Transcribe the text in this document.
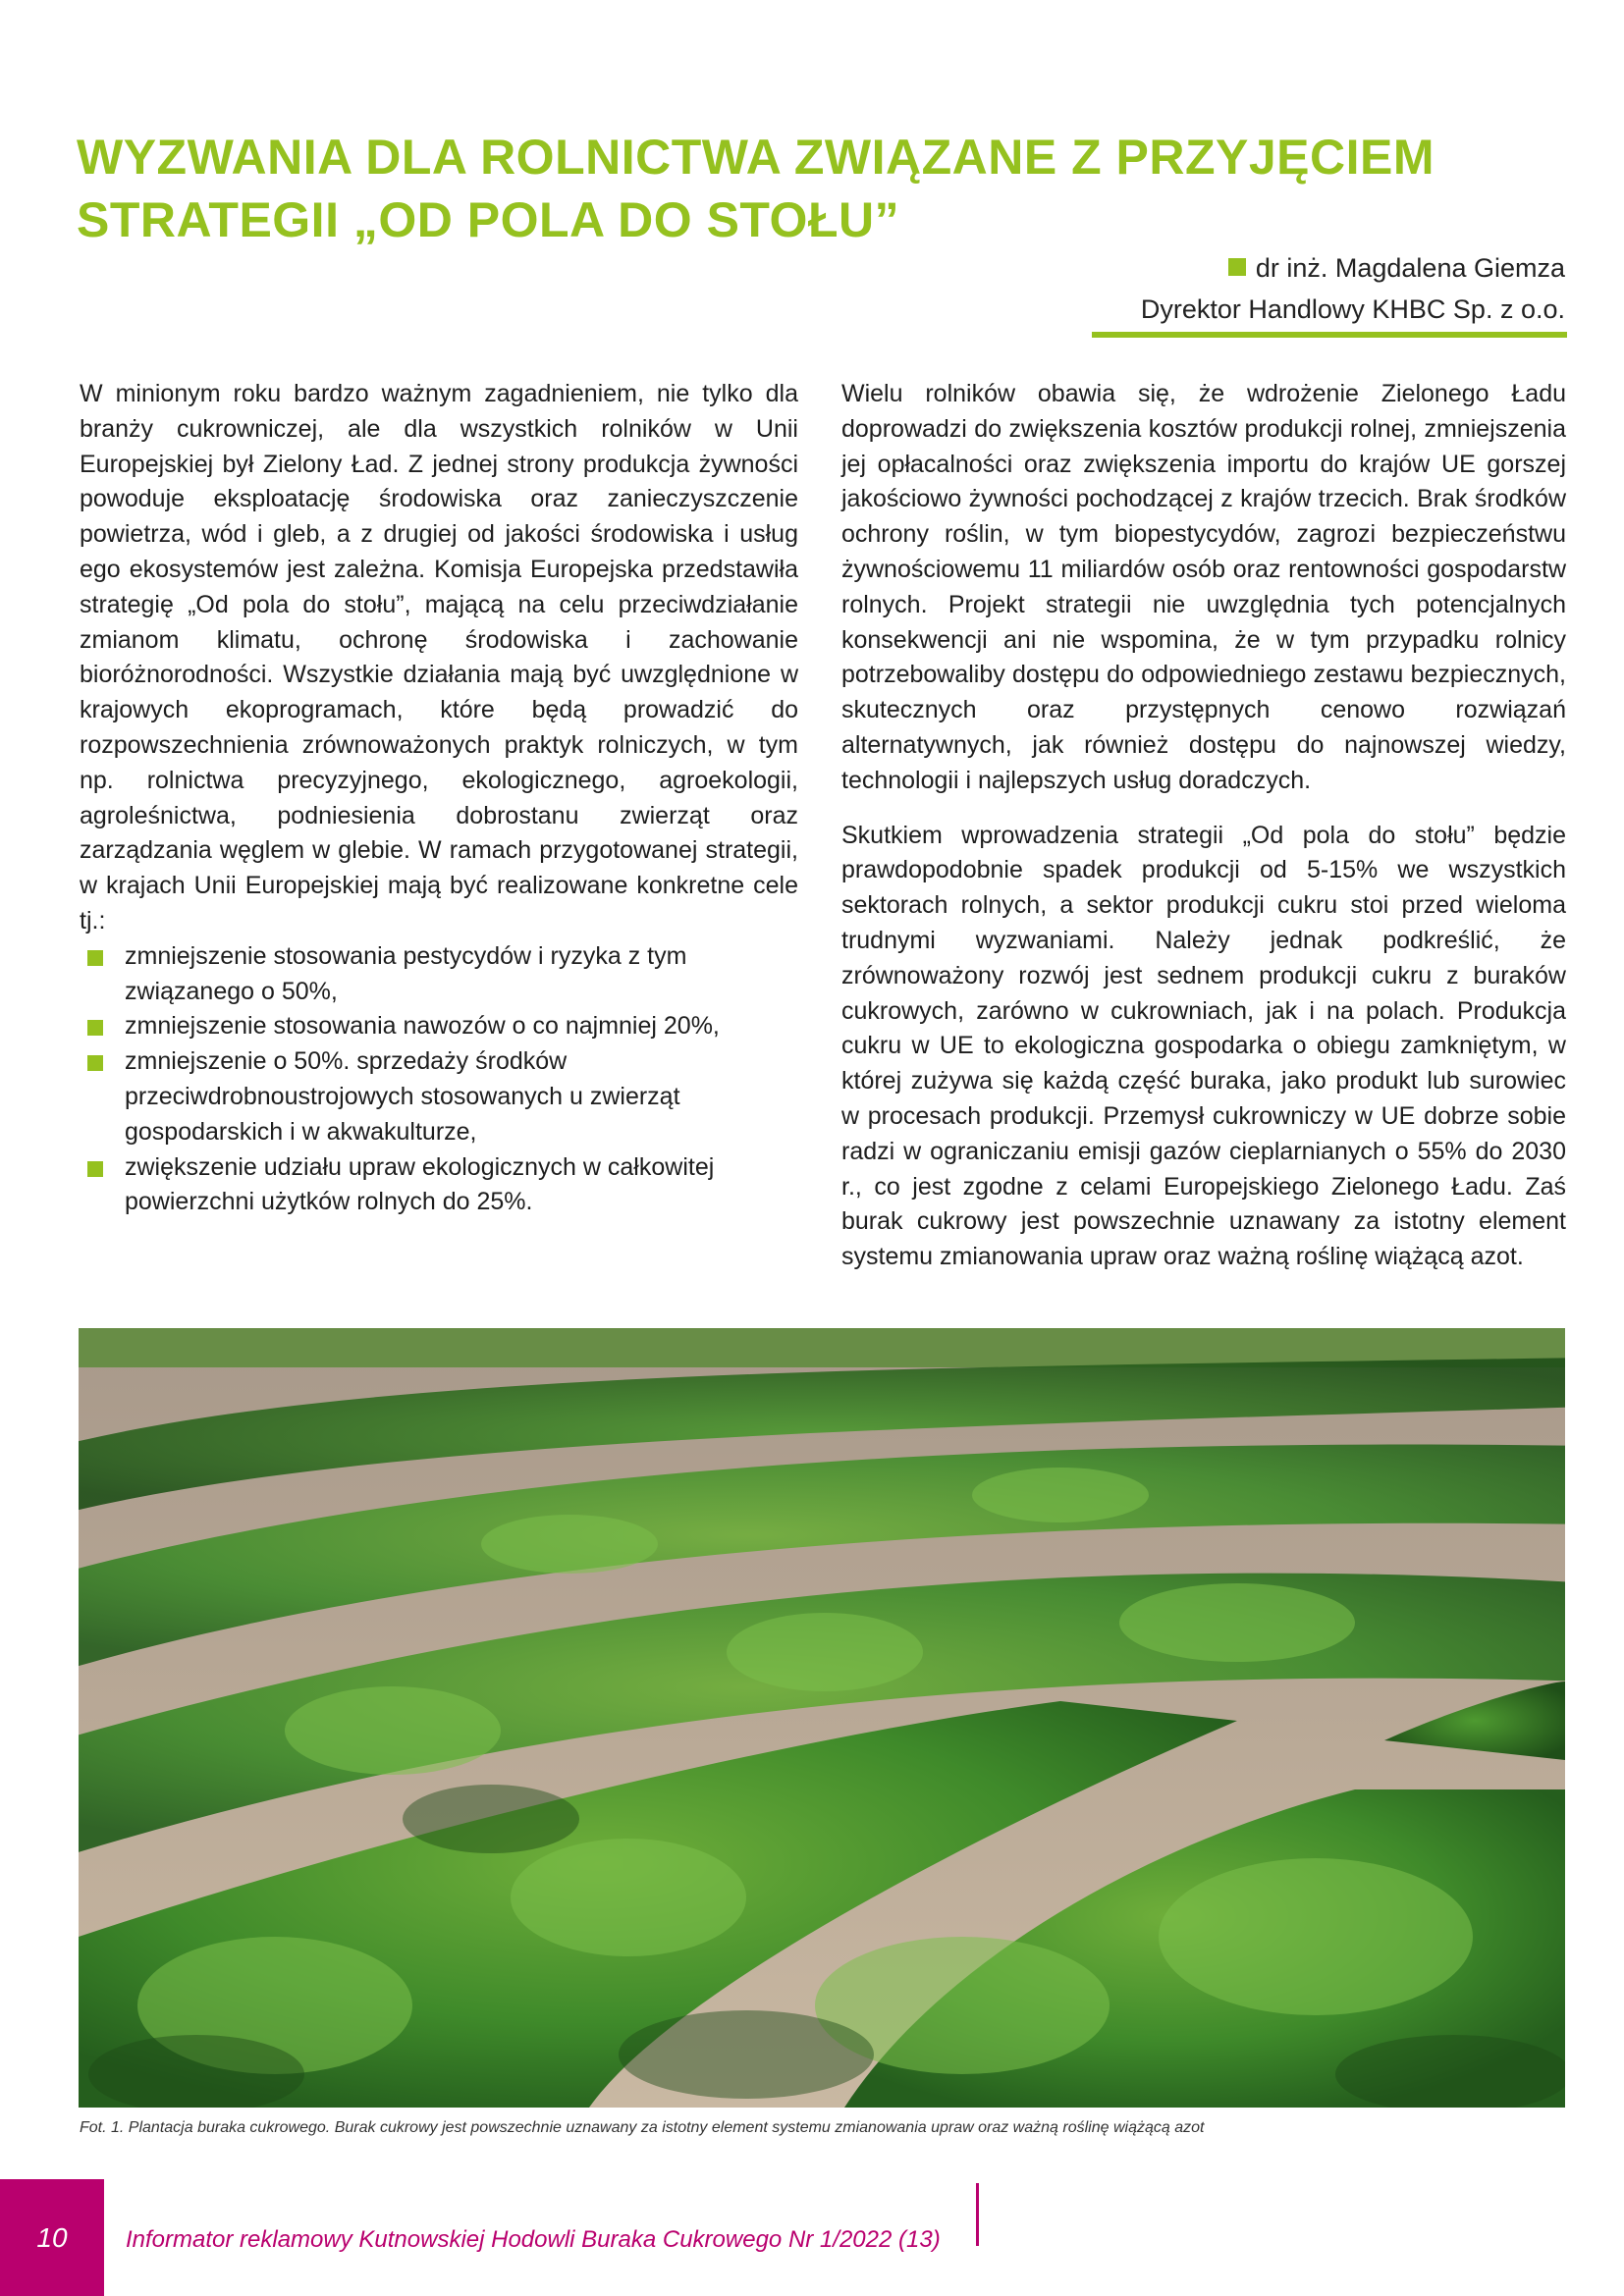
WYZWANIA DLA ROLNICTWA ZWIĄZANE Z PRZYJĘCIEM
STRATEGII „OD POLA DO STOŁU”
dr inż. Magdalena Giemza
Dyrektor Handlowy KHBC Sp. z o.o.

W minionym roku bardzo ważnym zagadnieniem, nie tylko dla branży cukrowniczej, ale dla wszystkich rolników w Unii Europejskiej był Zielony Ład. Z jednej strony produkcja żywności powoduje eksploatację środowiska oraz zanieczyszczenie powietrza, wód i gleb, a z drugiej od jakości środowiska i usług ego ekosystemów jest zależna. Komisja Europejska przedstawiła strategię „Od pola do stołu”, mającą na celu przeciwdziałanie zmianom klimatu, ochronę środowiska i zachowanie bioróżnorodności. Wszystkie działania mają być uwzględnione w krajowych ekoprogramach, które będą prowadzić do rozpowszechnienia zrównoważonych praktyk rolniczych, w tym np. rolnictwa precyzyjnego, ekologicznego, agroekologii, agroleśnictwa, podniesienia dobrostanu zwierząt oraz zarządzania węglem w glebie. W ramach przygotowanej strategii, w krajach Unii Europejskiej mają być realizowane konkretne cele tj.:

zmniejszenie stosowania pestycydów i ryzyka z tym związanego o 50%,
zmniejszenie stosowania nawozów o co najmniej 20%,
zmniejszenie o 50%. sprzedaży środków przeciwdrobnoustrojowych stosowanych u zwierząt gospodarskich i w akwakulturze,
zwiększenie udziału upraw ekologicznych w całkowitej powierzchni użytków rolnych do 25%.

Wielu rolników obawia się, że wdrożenie Zielonego Ładu doprowadzi do zwiększenia kosztów produkcji rolnej, zmniejszenia jej opłacalności oraz zwiększenia importu do krajów UE gorszej jakościowo żywności pochodzącej z krajów trzecich. Brak środków ochrony roślin, w tym biopestycydów, zagrozi bezpieczeństwu żywnościowemu 11 miliardów osób oraz rentowności gospodarstw rolnych. Projekt strategii nie uwzględnia tych potencjalnych konsekwencji ani nie wspomina, że w tym przypadku rolnicy potrzebowaliby dostępu do odpowiedniego zestawu bezpiecznych, skutecznych oraz przystępnych cenowo rozwiązań alternatywnych, jak również dostępu do najnowszej wiedzy, technologii i najlepszych usług doradczych.

Skutkiem wprowadzenia strategii „Od pola do stołu” będzie prawdopodobnie spadek produkcji od 5-15% we wszystkich sektorach rolnych, a sektor produkcji cukru stoi przed wieloma trudnymi wyzwaniami. Należy jednak podkreślić, że zrównoważony rozwój jest sednem produkcji cukru z buraków cukrowych, zarówno w cukrowniach, jak i na polach. Produkcja cukru w UE to ekologiczna gospodarka o obiegu zamkniętym, w której zużywa się każdą część buraka, jako produkt lub surowiec w procesach produkcji. Przemysł cukrowniczy w UE dobrze sobie radzi w ograniczaniu emisji gazów cieplarnianych o 55% do 2030 r., co jest zgodne z celami Europejskiego Zielonego Ładu. Zaś burak cukrowy jest powszechnie uznawany za istotny element systemu zmianowania upraw oraz ważną roślinę wiążącą azot.

Fot. 1. Plantacja buraka cukrowego. Burak cukrowy jest powszechnie uznawany za istotny element systemu zmianowania upraw oraz ważną roślinę wiążącą azot
10	Informator reklamowy Kutnowskiej Hodowli Buraka Cukrowego Nr 1/2022 (13)
